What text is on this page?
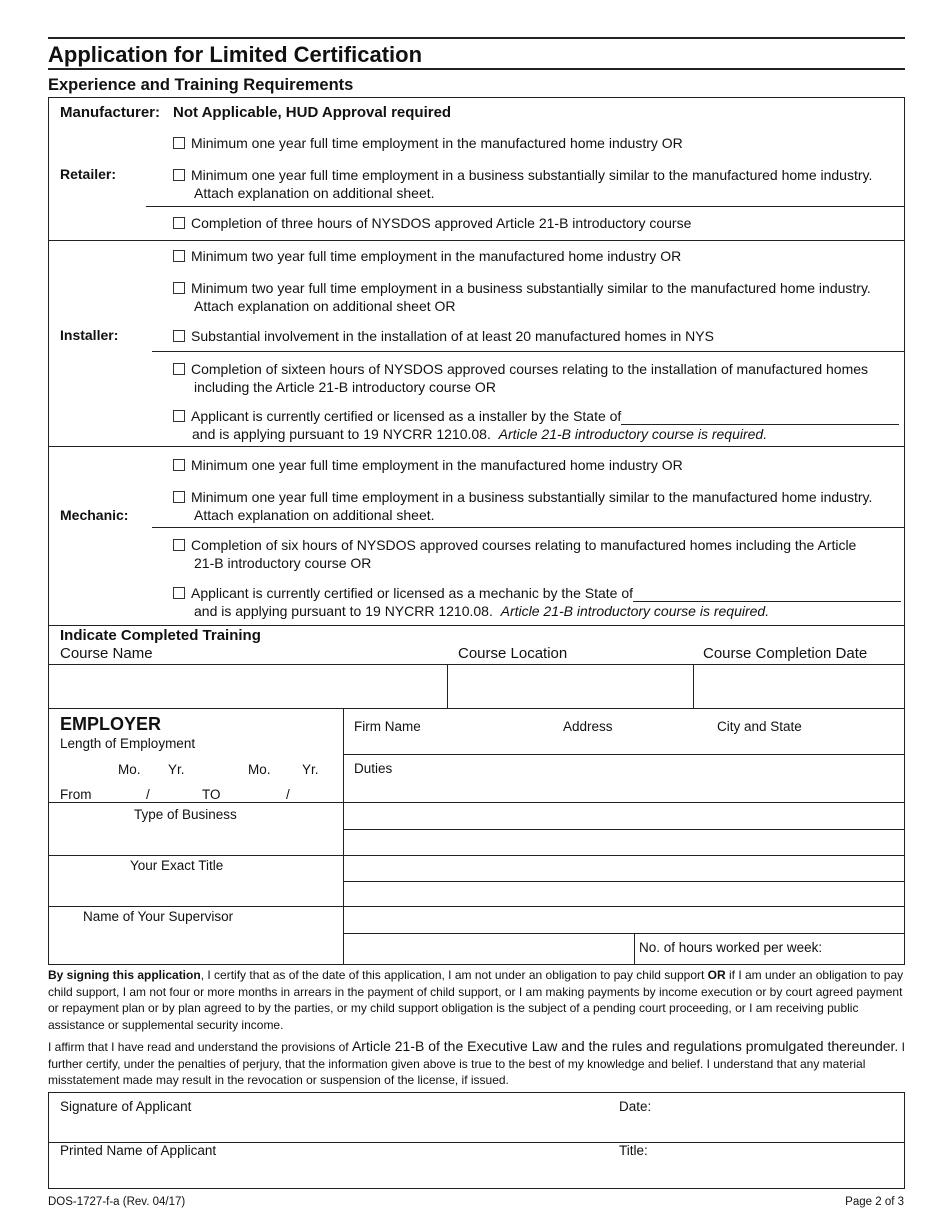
Application for Limited Certification
Experience and Training Requirements
Manufacturer: Not Applicable, HUD Approval required
Retailer:
Minimum one year full time employment in the manufactured home industry OR
Minimum one year full time employment in a business substantially similar to the manufactured home industry.
Attach explanation on additional sheet.
Completion of three hours of NYSDOS approved Article 21-B introductory course
Installer:
Minimum two year full time employment in the manufactured home industry OR
Minimum two year full time employment in a business substantially similar to the manufactured home industry.
Attach explanation on additional sheet OR
Substantial involvement in the installation of at least 20 manufactured homes in NYS
Completion of sixteen hours of NYSDOS approved courses relating to the installation of manufactured homes
including the Article 21-B introductory course OR
Applicant is currently certified or licensed as a installer by the State of
and is applying pursuant to 19 NYCRR 1210.08. Article 21-B introductory course is required.
Mechanic:
Minimum one year full time employment in the manufactured home industry OR
Minimum one year full time employment in a business substantially similar to the manufactured home industry.
Attach explanation on additional sheet.
Completion of six hours of NYSDOS approved courses relating to manufactured homes including the Article
21-B introductory course OR
Applicant is currently certified or licensed as a mechanic by the State of
and is applying pursuant to 19 NYCRR 1210.08. Article 21-B introductory course is required.
Indicate Completed Training
Course Name	Course Location	Course Completion Date
EMPLOYER
Length of Employment
Mo. Yr.	Mo. Yr.
From	/	TO	/
Type of Business
Your Exact Title
Name of Your Supervisor
Firm Name	Address	City and State
Duties
No. of hours worked per week:
By signing this application, I certify that as of the date of this application, I am not under an obligation to pay child support OR if I am under an obligation to pay child support, I am not four or more months in arrears in the payment of child support, or I am making payments by income execution or by court agreed payment or repayment plan or by plan agreed to by the parties, or my child support obligation is the subject of a pending court proceeding, or I am receiving public assistance or supplemental security income.
I affirm that I have read and understand the provisions of Article 21-B of the Executive Law and the rules and regulations promulgated thereunder. I further certify, under the penalties of perjury, that the information given above is true to the best of my knowledge and belief. I understand that any material misstatement made may result in the revocation or suspension of the license, if issued.
Signature of Applicant	Date:
Printed Name of Applicant	Title:
DOS-1727-f-a (Rev. 04/17)	Page 2 of 3
